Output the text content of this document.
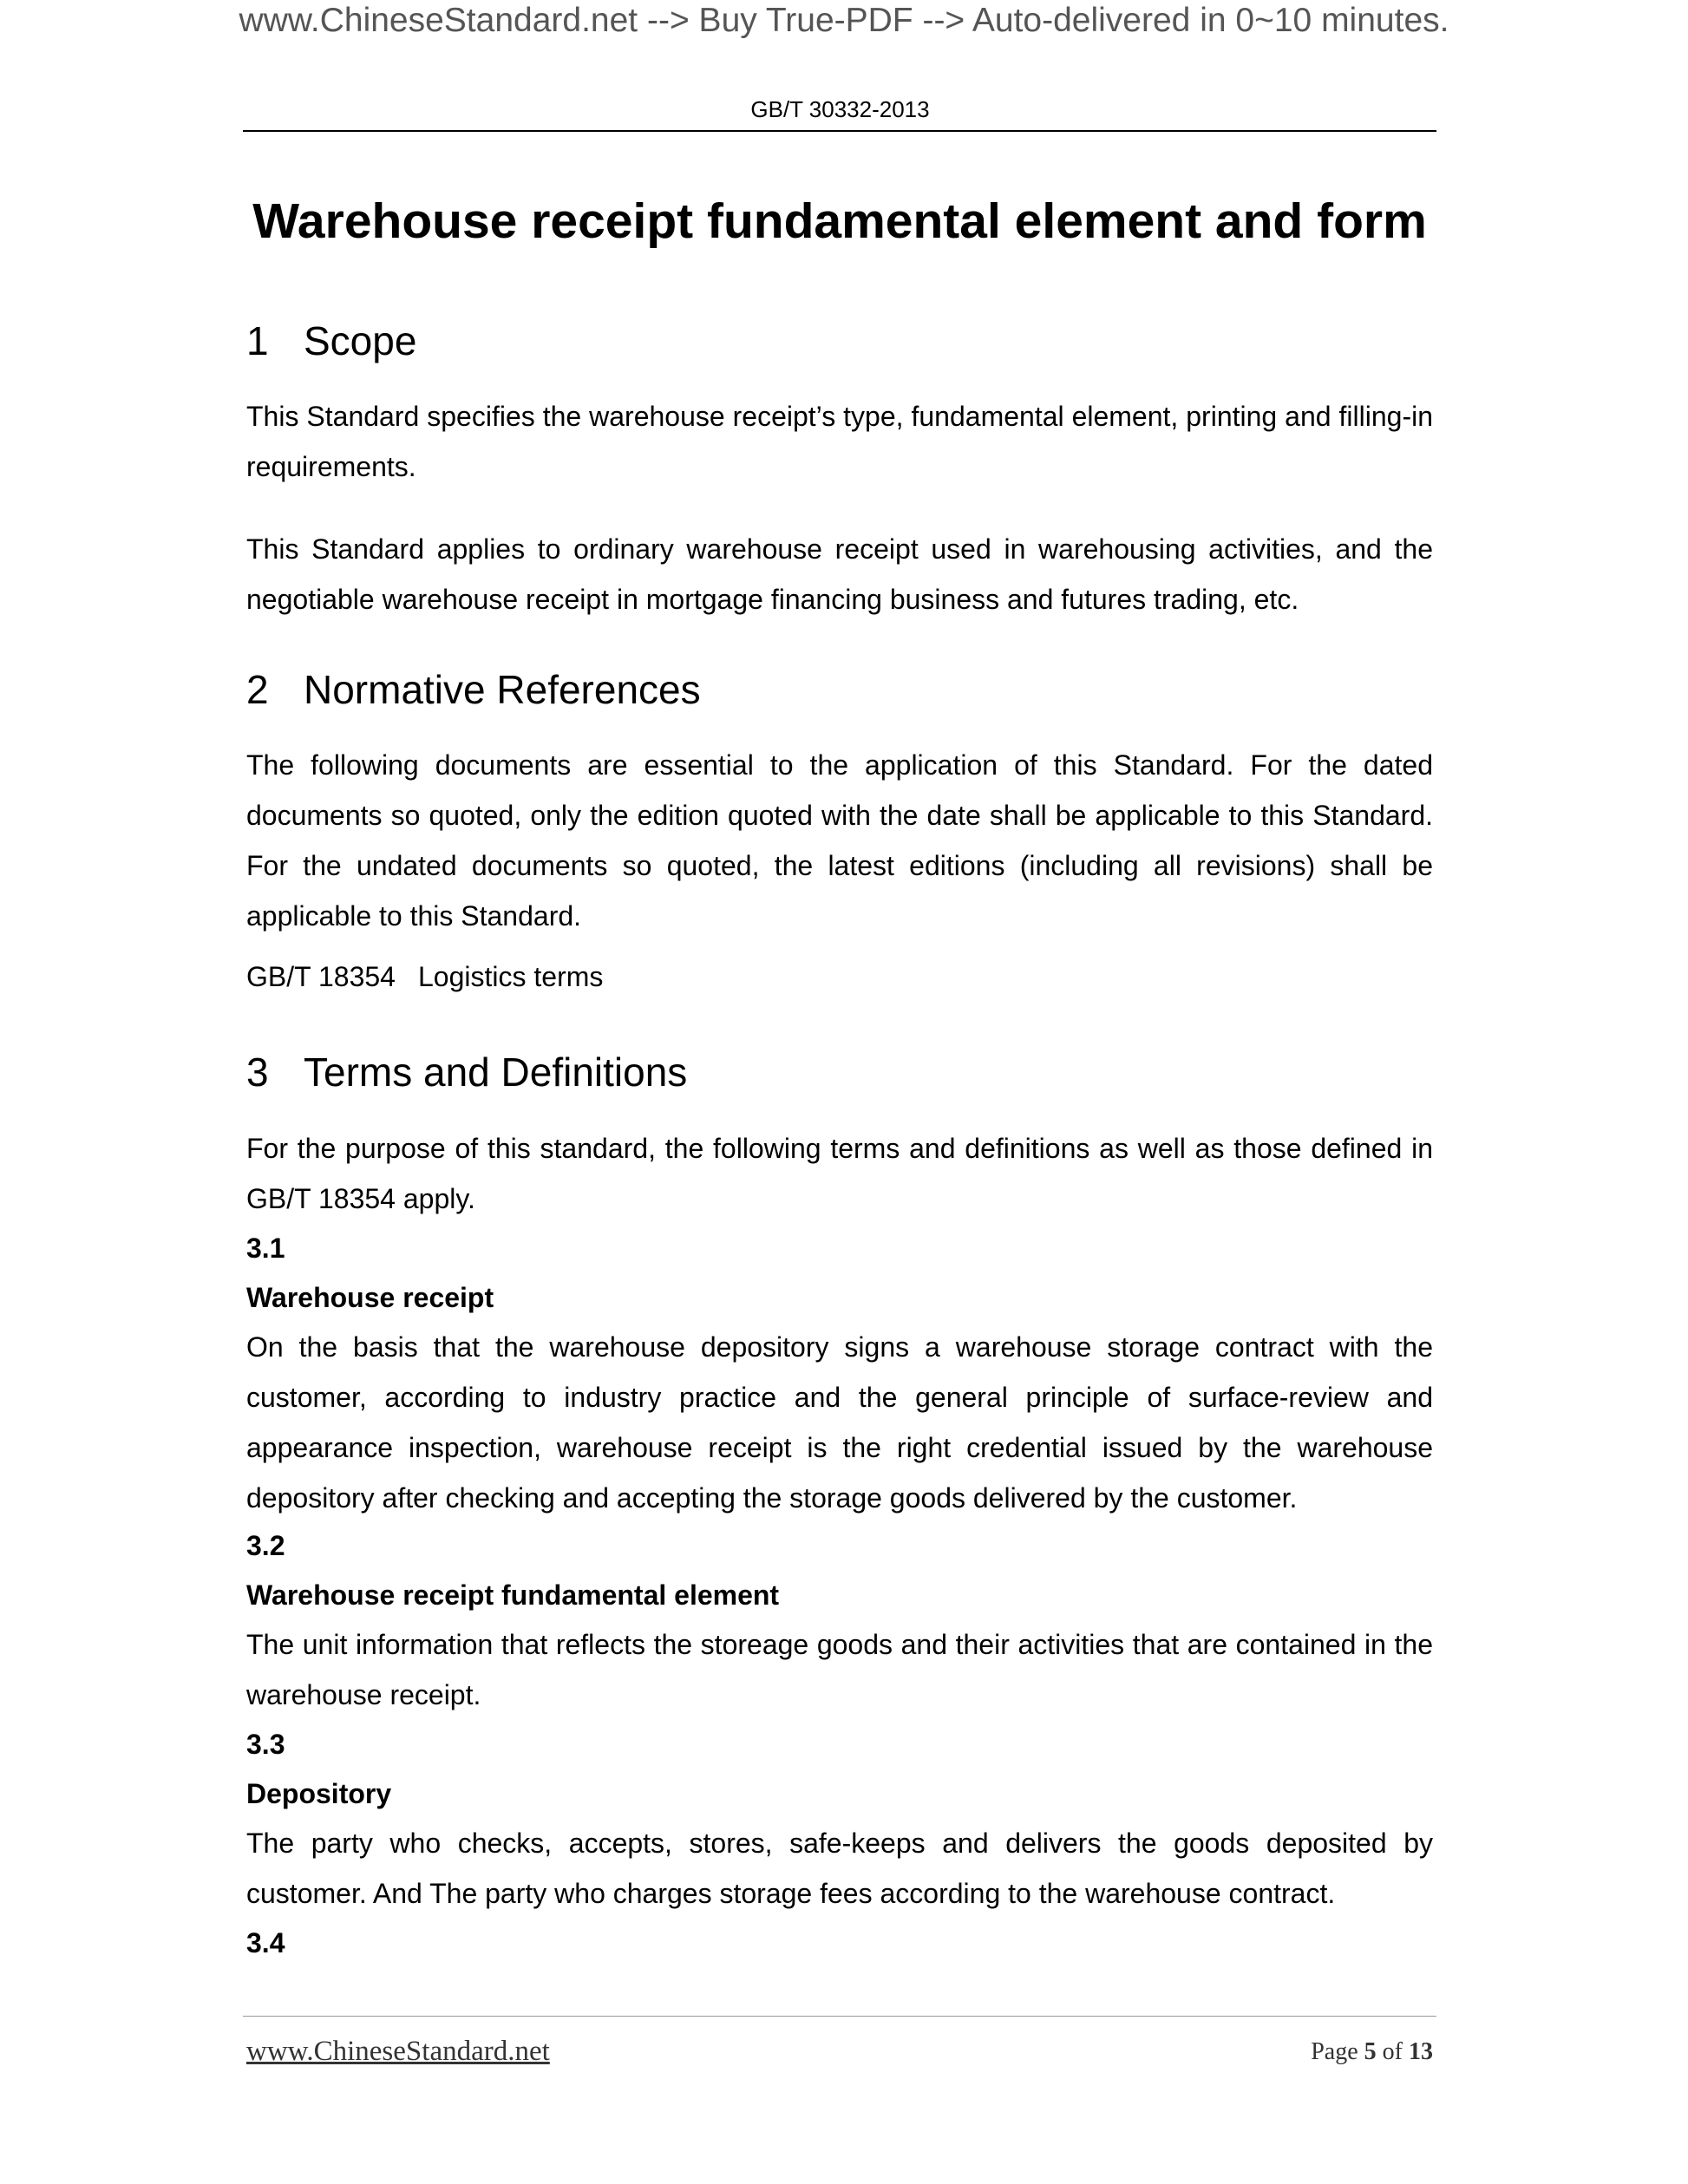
www.ChineseStandard.net --> Buy True-PDF --> Auto-delivered in 0~10 minutes.
GB/T 30332-2013
Warehouse receipt fundamental element and form
1 Scope

This Standard specifies the warehouse receipt’s type, fundamental element, printing and filling-in requirements.

This Standard applies to ordinary warehouse receipt used in warehousing activities, and the negotiable warehouse receipt in mortgage financing business and futures trading, etc.

2 Normative References

The following documents are essential to the application of this Standard. For the dated documents so quoted, only the edition quoted with the date shall be applicable to this Standard. For the undated documents so quoted, the latest editions (including all revisions) shall be applicable to this Standard.

GB/T 18354 Logistics terms
3 Terms and Definitions

For the purpose of this standard, the following terms and definitions as well as those defined in GB/T 18354 apply.

3.1
Warehouse receipt

On the basis that the warehouse depository signs a warehouse storage contract with the customer, according to industry practice and the general principle of surface-review and appearance inspection, warehouse receipt is the right credential issued by the warehouse depository after checking and accepting the storage goods delivered by the customer.

3.2
Warehouse receipt fundamental element

The unit information that reflects the storeage goods and their activities that are contained in the warehouse receipt.

3.3
Depository

The party who checks, accepts, stores, safe-keeps and delivers the goods deposited by customer. And The party who charges storage fees according to the warehouse contract.

3.4
www.ChineseStandard.net	Page 5 of 13
